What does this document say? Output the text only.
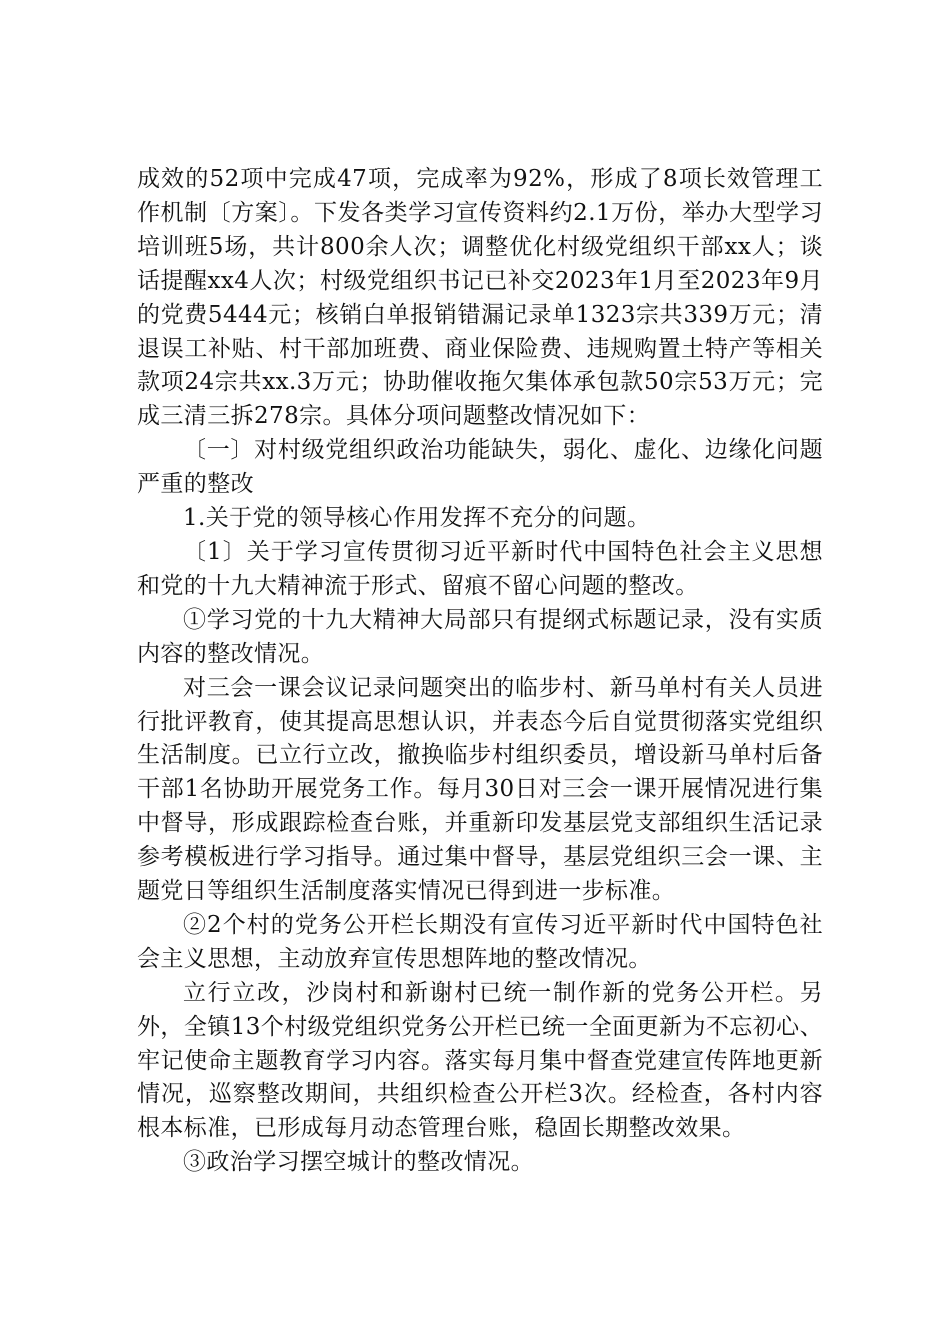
成效的52项中完成47项，完成率为92%，形成了8项长效管理工作机制〔方案〕。下发各类学习宣传资料约2.1万份，举办大型学习培训班5场，共计800余人次；调整优化村级党组织干部xx人；谈话提醒xx4人次；村级党组织书记已补交2023年1月至2023年9月的党费5444元；核销白单报销错漏记录单1323宗共339万元；清退误工补贴、村干部加班费、商业保险费、违规购置土特产等相关款项24宗共xx.3万元；协助催收拖欠集体承包款50宗53万元；完成三清三拆278宗。具体分项问题整改情况如下：

〔一〕对村级党组织政治功能缺失，弱化、虚化、边缘化问题严重的整改

1.关于党的领导核心作用发挥不充分的问题。

〔1〕关于学习宣传贯彻习近平新时代中国特色社会主义思想和党的十九大精神流于形式、留痕不留心问题的整改。

①学习党的十九大精神大局部只有提纲式标题记录，没有实质内容的整改情况。

对三会一课会议记录问题突出的临步村、新马单村有关人员进行批评教育，使其提高思想认识，并表态今后自觉贯彻落实党组织生活制度。已立行立改，撤换临步村组织委员，增设新马单村后备干部1名协助开展党务工作。每月30日对三会一课开展情况进行集中督导，形成跟踪检查台账，并重新印发基层党支部组织生活记录参考模板进行学习指导。通过集中督导，基层党组织三会一课、主题党日等组织生活制度落实情况已得到进一步标准。

②2个村的党务公开栏长期没有宣传习近平新时代中国特色社会主义思想，主动放弃宣传思想阵地的整改情况。

立行立改，沙岗村和新谢村已统一制作新的党务公开栏。另外，全镇13个村级党组织党务公开栏已统一全面更新为不忘初心、牢记使命主题教育学习内容。落实每月集中督查党建宣传阵地更新情况，巡察整改期间，共组织检查公开栏3次。经检查，各村内容根本标准，已形成每月动态管理台账，稳固长期整改效果。

③政治学习摆空城计的整改情况。
